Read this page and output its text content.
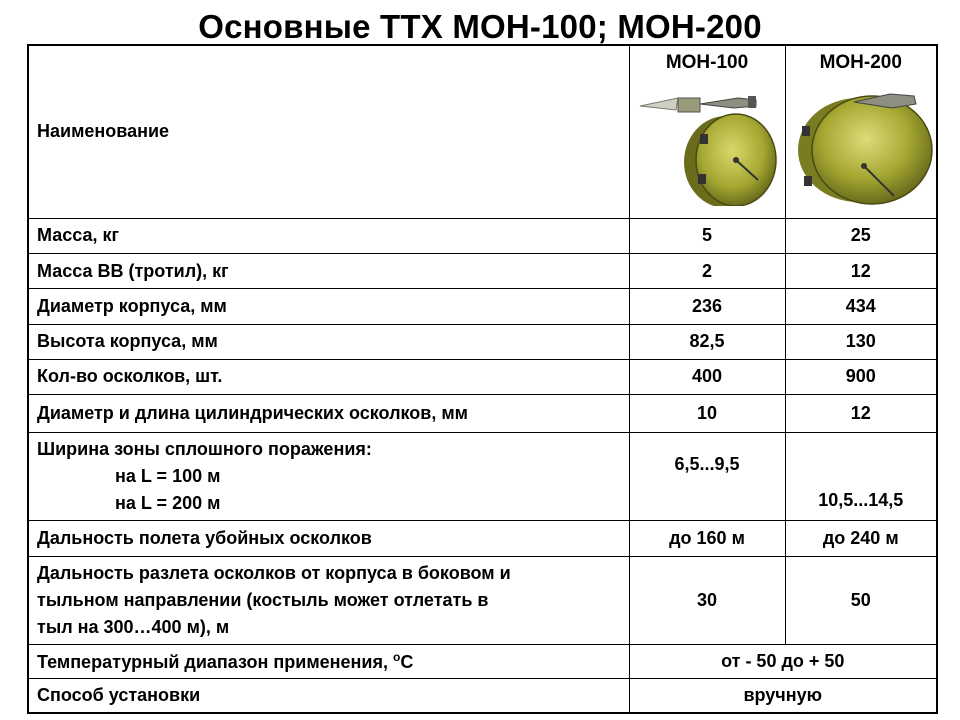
Основные ТТХ МОН-100; МОН-200
Наименование	МОН-100	МОН-200

Масса, кг	5	25
Масса ВВ (тротил), кг	2	12
Диаметр корпуса, мм	236	434
Высота корпуса, мм	82,5	130
Кол-во осколков, шт.	400	900
Диаметр и длина цилиндрических осколков, мм	10	12

Ширина зоны сплошного поражения:
на L = 100 м
на L = 200 м	6,5...9,5	10,5...14,5
Дальность полета убойных осколков	до 160 м	до 240 м

Дальность разлета осколков от корпуса в боковом и
тыльном направлении (костыль может отлетать в
тыл на 300…400 м), м	30	50
Температурный диапазон применения, $^o$С	от - 50 до + 50	
Способ установки	вручную	
